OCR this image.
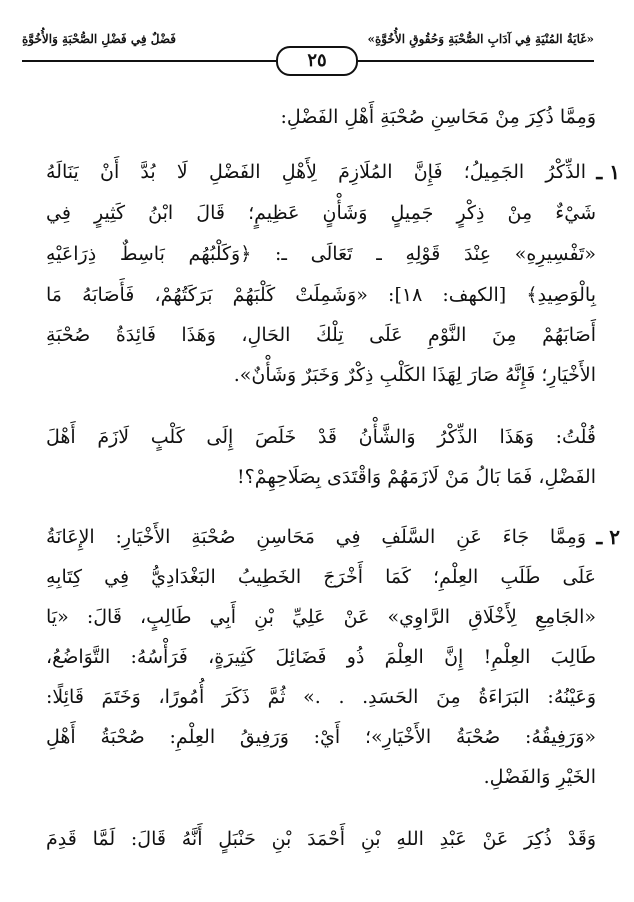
«غَايَةُ المُنْيَةِ فِي آدَابِ الصُّحْبَةِ وَحُقُوقِ الأُخُوَّةِ»
فَضْلٌ فِي فَضْلِ الصُّحْبَةِ وَالأُخُوَّةِ
٢٥
وَمِمَّا ذُكِرَ مِنْ مَحَاسِنِ صُحْبَةِ أَهْلِ الفَضْلِ:
١ ـ
الذِّكْرُ الجَمِيلُ؛ فَإِنَّ المُلَازِمَ لِأَهْلِ الفَضْلِ لَا بُدَّ أَنْ يَنَالَهُ
شَيْءٌ مِنْ ذِكْرٍ جَمِيلٍ وَشَأْنٍ عَظِيمٍ؛ قَالَ ابْنُ كَثِيرٍ فِي
«تَفْسِيرِهِ» عِنْدَ قَوْلِهِ ـ تَعَالَى ـ: ﴿وَكَلْبُهُم بَاسِطٌ ذِرَاعَيْهِ
بِالْوَصِيدِ﴾ [الكهف: ١٨]: «وَشَمِلَتْ كَلْبَهُمْ بَرَكَتُهُمْ، فَأَصَابَهُ مَا
أَصَابَهُمْ مِنَ النَّوْمِ عَلَى تِلْكَ الحَالِ، وَهَذَا فَائِدَةُ صُحْبَةِ
الأَخْيَارِ؛ فَإِنَّهُ صَارَ لِهَذَا الكَلْبِ ذِكْرٌ وَخَبَرٌ وَشَأْنٌ».
قُلْتُ: وَهَذَا الذِّكْرُ وَالشَّأْنُ قَدْ خَلَصَ إِلَى كَلْبٍ لَازَمَ أَهْلَ
الفَضْلِ، فَمَا بَالُ مَنْ لَازَمَهُمْ وَاقْتَدَى بِصَلَاحِهِمْ؟!
٢ ـ
وَمِمَّا جَاءَ عَنِ السَّلَفِ فِي مَحَاسِنِ صُحْبَةِ الأَخْيَارِ: الإِعَانَةُ
عَلَى طَلَبِ العِلْمِ؛ كَمَا أَخْرَجَ الخَطِيبُ البَغْدَادِيُّ فِي كِتَابِهِ
«الجَامِعِ لِأَخْلَاقِ الرَّاوِي» عَنْ عَلِيِّ بْنِ أَبِي طَالِبٍ، قَالَ: «يَا
طَالِبَ العِلْمِ! إِنَّ العِلْمَ ذُو فَضَائِلَ كَثِيرَةٍ، فَرَأْسُهُ: التَّوَاضُعُ،
وَعَيْنُهُ: البَرَاءَةُ مِنَ الحَسَدِ. . .» ثُمَّ ذَكَرَ أُمُورًا، وَخَتَمَ قَائِلًا:
«وَرَفِيقُهُ: صُحْبَةُ الأَخْيَارِ»؛ أَيْ: وَرَفِيقُ العِلْمِ: صُحْبَةُ أَهْلِ
الخَيْرِ وَالفَضْلِ.
وَقَدْ ذُكِرَ عَنْ عَبْدِ اللهِ بْنِ أَحْمَدَ بْنِ حَنْبَلٍ أَنَّهُ قَالَ: لَمَّا قَدِمَ
